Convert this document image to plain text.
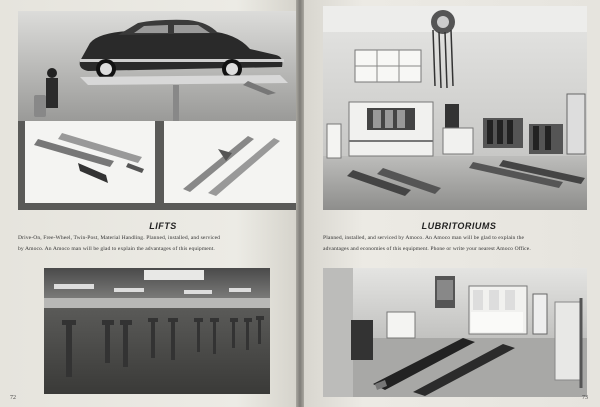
LIFTS
Drive-On, Free-Wheel, Twin-Post, Material Handling. Planned, installed, and serviced
by Amoco. An Amoco man will be glad to explain the advantages of this equipment.
72
LUBRITORIUMS
Planned, installed, and serviced by Amoco. An Amoco man will be glad to explain the
advantages and economies of this equipment. Phone or write your nearest Amoco Office.
73
